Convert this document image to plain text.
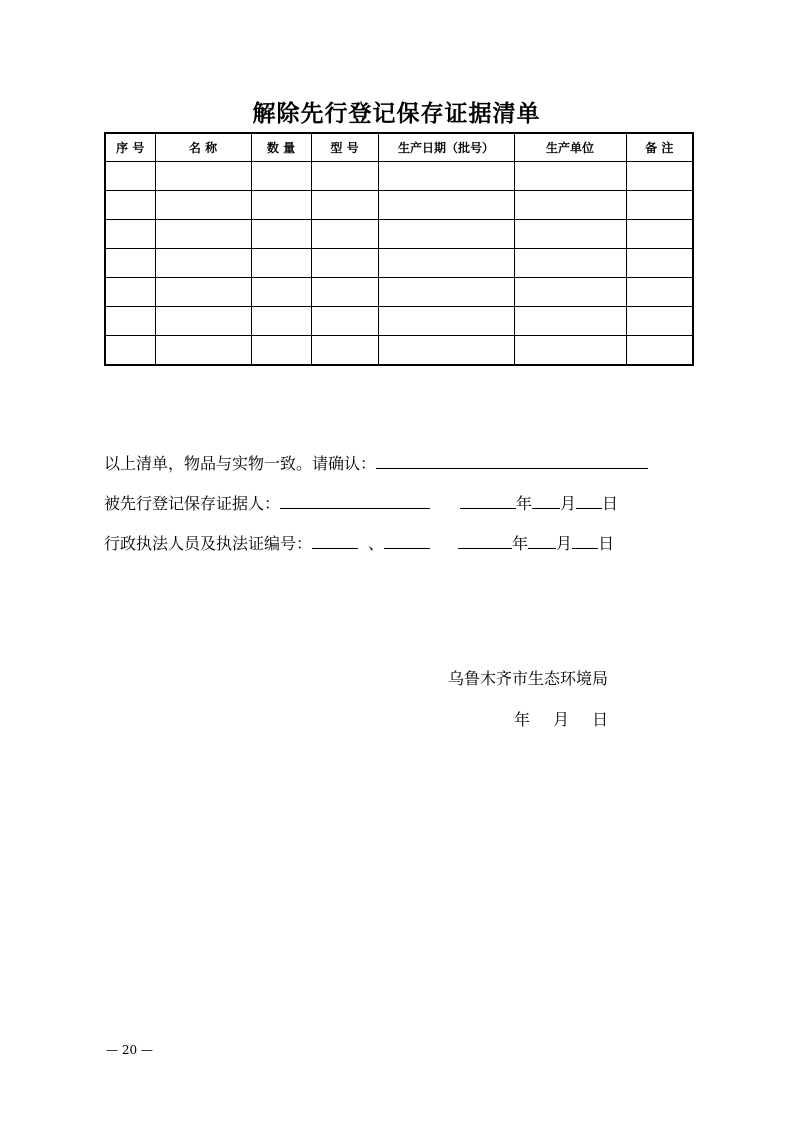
解除先行登记保存证据清单
序 号	名 称	数 量	型 号	生产日期（批号）	生产单位	备 注

以上清单，物品与实物一致。请确认：
被先行登记保存证据人：	年 月 日
行政执法人员及执法证编号：	、	年 月 日
乌鲁木齐市生态环境局
年 月 日
— 20 —
